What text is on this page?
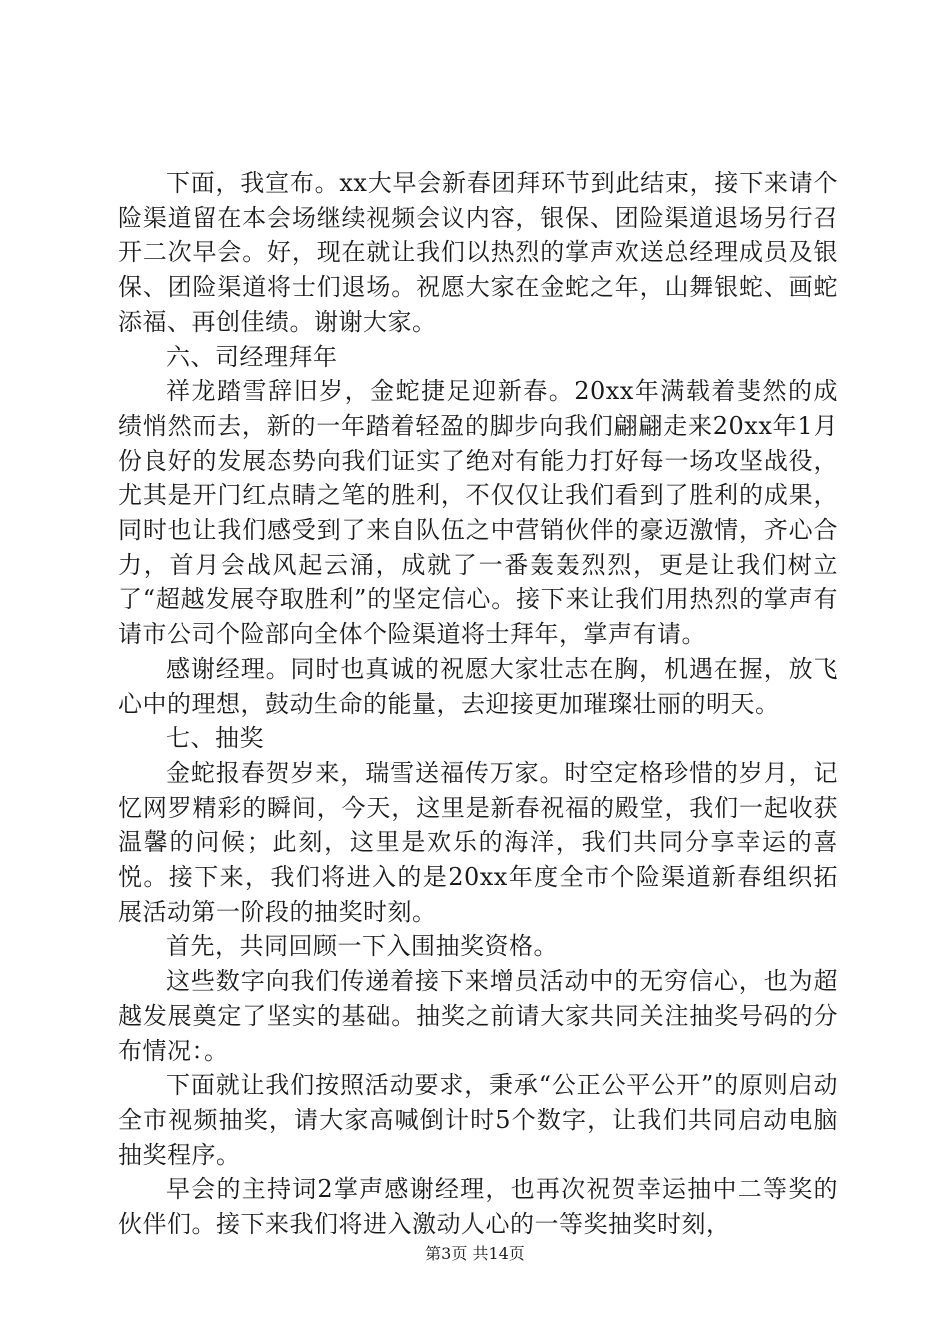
下面，我宣布。xx大早会新春团拜环节到此结束，接下来请个险渠道留在本会场继续视频会议内容，银保、团险渠道退场另行召开二次早会。好，现在就让我们以热烈的掌声欢送总经理成员及银保、团险渠道将士们退场。祝愿大家在金蛇之年，山舞银蛇、画蛇添福、再创佳绩。谢谢大家。

六、司经理拜年

祥龙踏雪辞旧岁，金蛇捷足迎新春。20xx年满载着斐然的成绩悄然而去，新的一年踏着轻盈的脚步向我们翩翩走来20xx年1月份良好的发展态势向我们证实了绝对有能力打好每一场攻坚战役，尤其是开门红点睛之笔的胜利，不仅仅让我们看到了胜利的成果，同时也让我们感受到了来自队伍之中营销伙伴的豪迈激情，齐心合力，首月会战风起云涌，成就了一番轰轰烈烈，更是让我们树立了“超越发展夺取胜利”的坚定信心。接下来让我们用热烈的掌声有请市公司个险部向全体个险渠道将士拜年，掌声有请。

感谢经理。同时也真诚的祝愿大家壮志在胸，机遇在握，放飞心中的理想，鼓动生命的能量，去迎接更加璀璨壮丽的明天。

七、抽奖

金蛇报春贺岁来，瑞雪送福传万家。时空定格珍惜的岁月，记忆网罗精彩的瞬间，今天，这里是新春祝福的殿堂，我们一起收获温馨的问候；此刻，这里是欢乐的海洋，我们共同分享幸运的喜悦。接下来，我们将进入的是20xx年度全市个险渠道新春组织拓展活动第一阶段的抽奖时刻。

首先，共同回顾一下入围抽奖资格。

这些数字向我们传递着接下来增员活动中的无穷信心，也为超越发展奠定了坚实的基础。抽奖之前请大家共同关注抽奖号码的分布情况：。

下面就让我们按照活动要求，秉承“公正公平公开”的原则启动全市视频抽奖，请大家高喊倒计时5个数字，让我们共同启动电脑抽奖程序。

早会的主持词2掌声感谢经理，也再次祝贺幸运抽中二等奖的伙伴们。接下来我们将进入激动人心的一等奖抽奖时刻，

第3页 共14页
